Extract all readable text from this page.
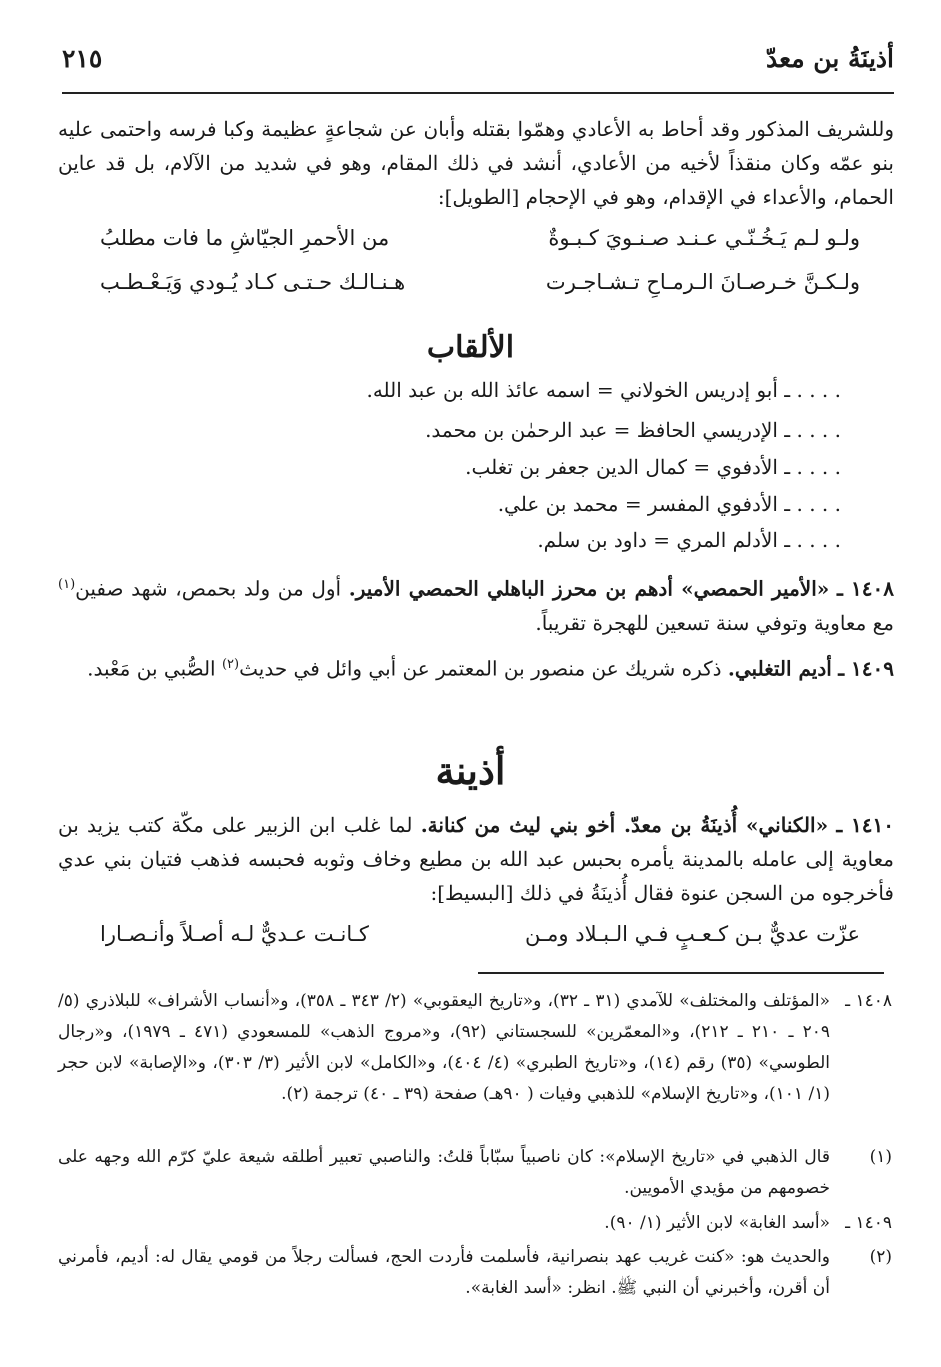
أذينَةُ بن معدّ
٢١٥

وللشريف المذكور وقد أحاط به الأعادي وهمّوا بقتله وأبان عن شجاعةٍ عظيمة وكبا فرسه واحتمى عليه بنو عمّه وكان منقذاً لأخيه من الأعادي، أنشد في ذلك المقام، وهو في شديد من الآلام، بل قد عاين الحمام، والأعداء في الإقدام، وهو في الإحجام [الطويل]:

ولـو لـم يَـخُـنّـي عـنـد صـنـويَ كـبـوةٌ
من الأحمرِ الجيّاشِ ما فات مطلبُ
ولـكـنَّ خـرصـانَ الـرمـاحِ تـشـاجـرت
هـنـالـك حـتـى كـاد يُـودي وَيَـعْـطـب
الألقاب
. . . . ـ أبو إدريس الخولاني = اسمه عائذ الله بن عبد الله.
. . . . ـ الإدريسي الحافظ = عبد الرحمٰن بن محمد.
. . . . ـ الأدفوي = كمال الدين جعفر بن تغلب.
. . . . ـ الأدفوي المفسر = محمد بن علي.
. . . . ـ الأدلم المري = داود بن سلم.

١٤٠٨ ـ «الأمير الحمصي» أدهم بن محرز الباهلي الحمصي الأمير. أول من ولد بحمص، شهد صفين$^{(١)}$ مع معاوية وتوفي سنة تسعين للهجرة تقريباً.

١٤٠٩ ـ أديم التغلبي. ذكره شريك عن منصور بن المعتمر عن أبي وائل في حديث$^{(٢)}$ الصُّبي بن مَعْبد.

أذينة

١٤١٠ ـ «الكناني» أُذينَةُ بن معدّ. أخو بني ليث من كنانة. لما غلب ابن الزبير على مكّة كتب يزيد بن معاوية إلى عامله بالمدينة يأمره بحبس عبد الله بن مطيع وخاف وثوبه فحبسه فذهب فتيان بني عدي فأخرجوه من السجن عنوة فقال أُذينَةُ في ذلك [البسيط]:

عزّت عديٌّ بـن كـعـبٍ فـي الـبـلاد ومـن
كـانـت عـديٌّ لـه أصـلاً وأنـصـارا
١٤٠٨ ـ
«المؤتلف والمختلف» للآمدي (٣١ ـ ٣٢)، و«تاريخ اليعقوبي» (٢/ ٣٤٣ ـ ٣٥٨)، و«أنساب الأشراف» للبلاذري (٥/ ٢٠٩ ـ ٢١٠ ـ ٢١٢)، و«المعمّرين» للسجستاني (٩٢)، و«مروج الذهب» للمسعودي (٤٧١ ـ ١٩٧٩)، و«رجال الطوسي» (٣٥) رقم (١٤)، و«تاريخ الطبري» (٤/ ٤٠٤)، و«الكامل» لابن الأثير (٣/ ٣٠٣)، و«الإصابة» لابن حجر (١/ ١٠١)، و«تاريخ الإسلام» للذهبي وفيات ( ٩٠هـ) صفحة (٣٩ ـ ٤٠) ترجمة (٢).
(١)
قال الذهبي في «تاريخ الإسلام»: كان ناصبياً سبّاباً قلتُ: والناصبي تعبير أطلقه شيعة عليّ كرّم الله وجهه على خصومهم من مؤيدي الأمويين.
١٤٠٩ ـ
«أسد الغابة» لابن الأثير (١/ ٩٠).
(٢)
والحديث هو: «كنت غريب عهد بنصرانية، فأسلمت فأردت الحج، فسألت رجلاً من قومي يقال له: أديم، فأمرني أن أقرن، وأخبرني أن النبي ﷺ. انظر: «أسد الغابة».
